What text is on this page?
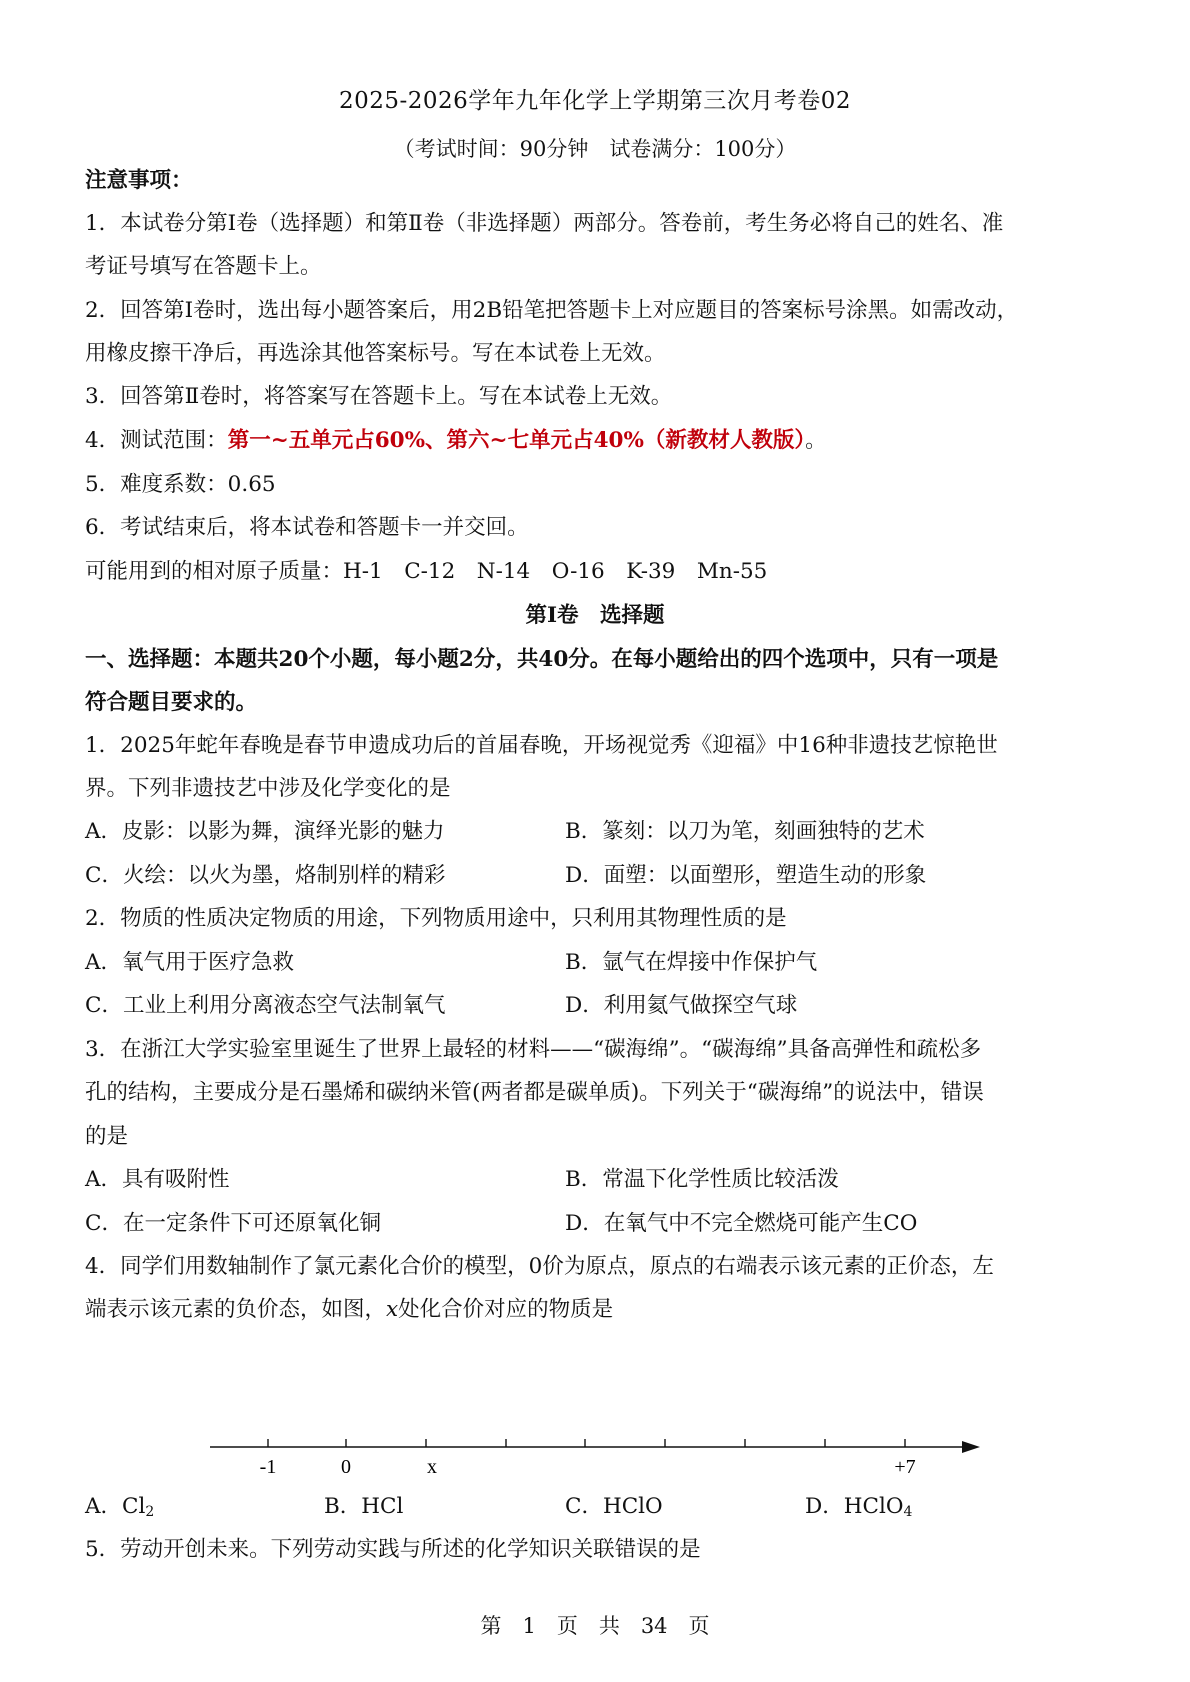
2025-2026学年九年化学上学期第三次月考卷02
（考试时间：90分钟　试卷满分：100分）
注意事项：
1．本试卷分第Ⅰ卷（选择题）和第Ⅱ卷（非选择题）两部分。答卷前，考生务必将自己的姓名、准
考证号填写在答题卡上。
2．回答第Ⅰ卷时，选出每小题答案后，用2B铅笔把答题卡上对应题目的答案标号涂黑。如需改动，
用橡皮擦干净后，再选涂其他答案标号。写在本试卷上无效。
3．回答第Ⅱ卷时，将答案写在答题卡上。写在本试卷上无效。
4．测试范围：第一~五单元占60%、第六~七单元占40%（新教材人教版）。
5．难度系数：0.65
6．考试结束后，将本试卷和答题卡一并交回。
可能用到的相对原子质量：H-1　C-12　N-14　O-16　K-39　Mn-55
第Ⅰ卷　选择题
一、选择题：本题共20个小题，每小题2分，共40分。在每小题给出的四个选项中，只有一项是
符合题目要求的。
1．2025年蛇年春晚是春节申遗成功后的首届春晚，开场视觉秀《迎福》中16种非遗技艺惊艳世
界。下列非遗技艺中涉及化学变化的是
A．皮影：以影为舞，演绎光影的魅力	B．篆刻：以刀为笔，刻画独特的艺术
C．火绘：以火为墨，烙制别样的精彩	D．面塑：以面塑形，塑造生动的形象
2．物质的性质决定物质的用途，下列物质用途中，只利用其物理性质的是
A．氧气用于医疗急救	B．氩气在焊接中作保护气
C．工业上利用分离液态空气法制氧气	D．利用氦气做探空气球
3．在浙江大学实验室里诞生了世界上最轻的材料——“碳海绵”。“碳海绵”具备高弹性和疏松多
孔的结构，主要成分是石墨烯和碳纳米管(两者都是碳单质)。下列关于“碳海绵”的说法中，错误
的是
A．具有吸附性	B．常温下化学性质比较活泼
C．在一定条件下可还原氧化铜	D．在氧气中不完全燃烧可能产生CO
4．同学们用数轴制作了氯元素化合价的模型，0价为原点，原点的右端表示该元素的正价态，左
端表示该元素的负价态，如图，x处化合价对应的物质是
-1	0	x	+7
A．$Cl_2$	B．HCl	C．HClO	D．HClO$_4$
5．劳动开创未来。下列劳动实践与所述的化学知识关联错误的是
第　1　页　共　34　页
